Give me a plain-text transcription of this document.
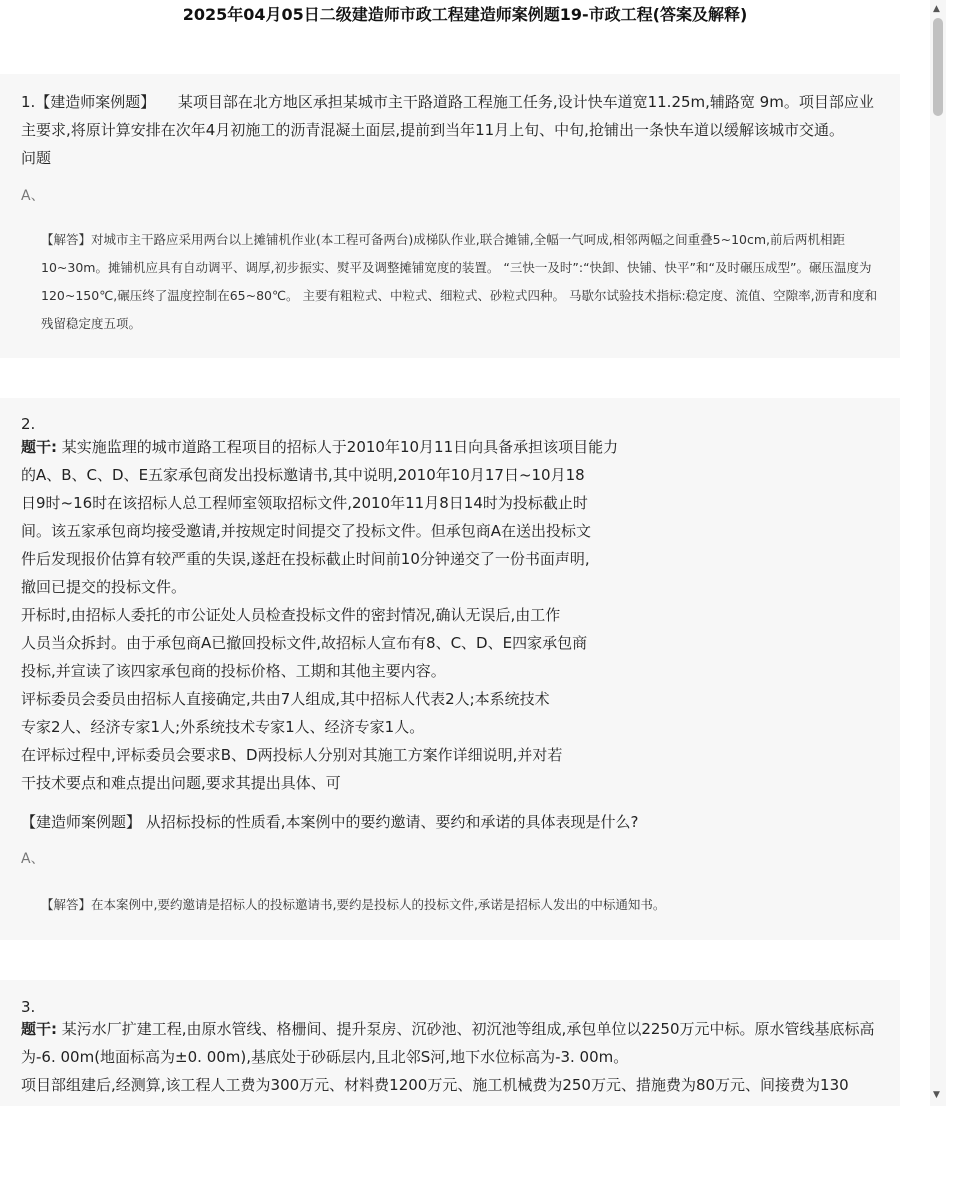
2025年04月05日二级建造师市政工程建造师案例题19-市政工程(答案及解释)
1.【建造师案例题】　　某项目部在北方地区承担某城市主干路道路工程施工任务,设计快车道宽11.25m,辅路宽 9m。项目部应业主要求,将原计算安排在次年4月初施工的沥青混凝土面层,提前到当年11月上旬、中旬,抢铺出一条快车道以缓解该城市交通。　　问题
A、
【解答】对城市主干路应采用两台以上摊铺机作业(本工程可备两台)成梯队作业,联合摊铺,全幅一气呵成,相邻两幅之间重叠5~10cm,前后两机相距10~30m。摊铺机应具有自动调平、调厚,初步振实、熨平及调整摊铺宽度的装置。 “三快一及时”:“快卸、快铺、快平”和“及时碾压成型”。碾压温度为120~150℃,碾压终了温度控制在65~80℃。 主要有粗粒式、中粒式、细粒式、砂粒式四种。 马歇尔试验技术指标:稳定度、流值、空隙率,沥青和度和残留稳定度五项。
2.
题干: 某实施监理的城市道路工程项目的招标人于2010年10月11日向具备承担该项目能力
的A、B、C、D、E五家承包商发出投标邀请书,其中说明,2010年10月17日~10月18
日9时~16时在该招标人总工程师室领取招标文件,2010年11月8日14时为投标截止时
间。该五家承包商均接受邀请,并按规定时间提交了投标文件。但承包商A在送出投标文
件后发现报价估算有较严重的失误,遂赶在投标截止时间前10分钟递交了一份书面声明,
撤回已提交的投标文件。
开标时,由招标人委托的市公证处人员检查投标文件的密封情况,确认无误后,由工作
人员当众拆封。由于承包商A已撤回投标文件,故招标人宣布有8、C、D、E四家承包商
投标,并宣读了该四家承包商的投标价格、工期和其他主要内容。
评标委员会委员由招标人直接确定,共由7人组成,其中招标人代表2人;本系统技术
专家2人、经济专家1人;外系统技术专家1人、经济专家1人。
在评标过程中,评标委员会要求B、D两投标人分别对其施工方案作详细说明,并对若
干技术要点和难点提出问题,要求其提出具体、可
【建造师案例题】 从招标投标的性质看,本案例中的要约邀请、要约和承诺的具体表现是什么?
A、
【解答】在本案例中,要约邀请是招标人的投标邀请书,要约是投标人的投标文件,承诺是招标人发出的中标通知书。
3.
题干: 某污水厂扩建工程,由原水管线、格栅间、提升泵房、沉砂池、初沉池等组成,承包单位以2250万元中标。原水管线基底标高为-6. 00m(地面标高为±0. 00m),基底处于砂砾层内,且北邻S河,地下水位标高为-3. 00m。
项目部组建后,经测算,该工程人工费为300万元、材料费1200万元、施工机械费为250万元、措施费为80万元、间接费为130
▲
▼
